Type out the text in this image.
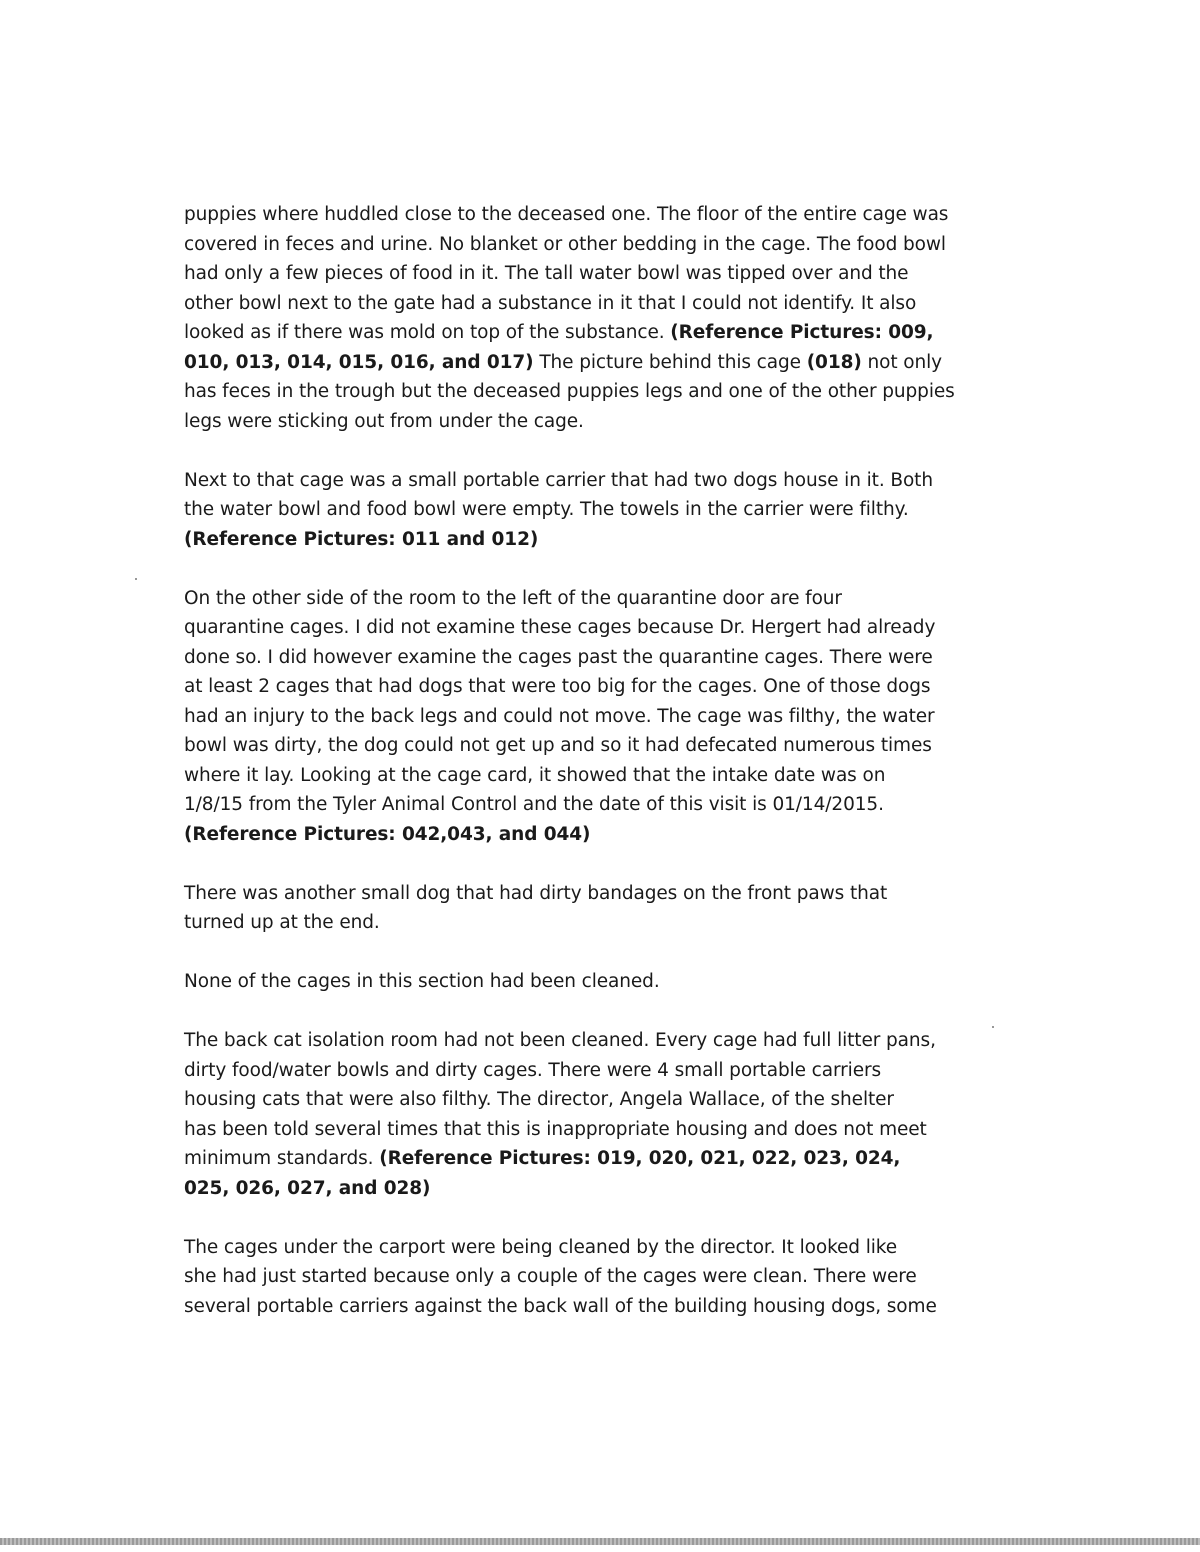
puppies where huddled close to the deceased one. The floor of the entire cage was
covered in feces and urine. No blanket or other bedding in the cage. The food bowl
had only a few pieces of food in it. The tall water bowl was tipped over and the
other bowl next to the gate had a substance in it that I could not identify. It also
looked as if there was mold on top of the substance. (Reference Pictures: 009,
010, 013, 014, 015, 016, and 017) The picture behind this cage (018) not only
has feces in the trough but the deceased puppies legs and one of the other puppies
legs were sticking out from under the cage.

Next to that cage was a small portable carrier that had two dogs house in it. Both
the water bowl and food bowl were empty. The towels in the carrier were filthy.
(Reference Pictures: 011 and 012)

On the other side of the room to the left of the quarantine door are four
quarantine cages. I did not examine these cages because Dr. Hergert had already
done so. I did however examine the cages past the quarantine cages. There were
at least 2 cages that had dogs that were too big for the cages. One of those dogs
had an injury to the back legs and could not move. The cage was filthy, the water
bowl was dirty, the dog could not get up and so it had defecated numerous times
where it lay. Looking at the cage card, it showed that the intake date was on
1/8/15 from the Tyler Animal Control and the date of this visit is 01/14/2015.
(Reference Pictures: 042,043, and 044)

There was another small dog that had dirty bandages on the front paws that
turned up at the end.

None of the cages in this section had been cleaned.

The back cat isolation room had not been cleaned. Every cage had full litter pans,
dirty food/water bowls and dirty cages. There were 4 small portable carriers
housing cats that were also filthy. The director, Angela Wallace, of the shelter
has been told several times that this is inappropriate housing and does not meet
minimum standards. (Reference Pictures: 019, 020, 021, 022, 023, 024,
025, 026, 027, and 028)

The cages under the carport were being cleaned by the director. It looked like
she had just started because only a couple of the cages were clean. There were
several portable carriers against the back wall of the building housing dogs, some
